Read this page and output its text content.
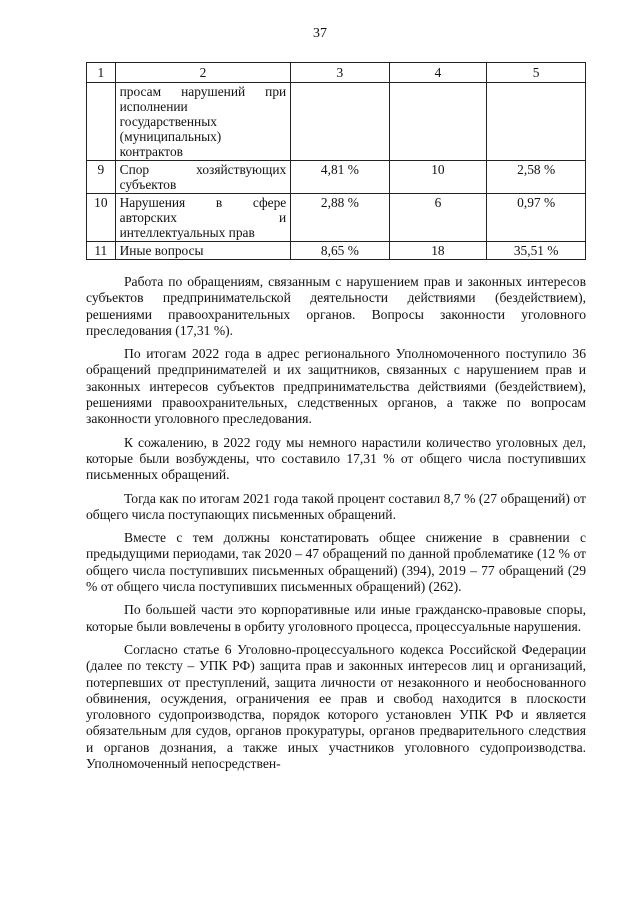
37
1	2	3	4	5
	просам нарушений при исполнении государственных (муниципальных) контрактов			
9	Спор хозяйствующих субъектов	4,81 %	10	2,58 %
10	Нарушения в сфере авторских и интеллектуальных прав	2,88 %	6	0,97 %
11	Иные вопросы	8,65 %	18	35,51 %

Работа по обращениям, связанным с нарушением прав и законных интересов субъектов предпринимательской деятельности действиями (бездействием), решениями правоохранительных органов. Вопросы законности уголовного преследования (17,31 %).

По итогам 2022 года в адрес регионального Уполномоченного поступило 36 обращений предпринимателей и их защитников, связанных с нарушением прав и законных интересов субъектов предпринимательства действиями (бездействием), решениями правоохранительных, следственных органов, а также по вопросам законности уголовного преследования.

К сожалению, в 2022 году мы немного нарастили количество уголовных дел, которые были возбуждены, что составило 17,31 % от общего числа поступивших письменных обращений.

Тогда как по итогам 2021 года такой процент составил 8,7 % (27 обращений) от общего числа поступающих письменных обращений.

Вместе с тем должны констатировать общее снижение в сравнении с предыдущими периодами, так 2020 – 47 обращений по данной проблематике (12 % от общего числа поступивших письменных обращений) (394), 2019 – 77 обращений (29 % от общего числа поступивших письменных обращений) (262).

По большей части это корпоративные или иные гражданско-правовые споры, которые были вовлечены в орбиту уголовного процесса, процессуальные нарушения.

Согласно статье 6 Уголовно-процессуального кодекса Российской Федерации (далее по тексту – УПК РФ) защита прав и законных интересов лиц и организаций, потерпевших от преступлений, защита личности от незаконного и необоснованного обвинения, осуждения, ограничения ее прав и свобод находится в плоскости уголовного судопроизводства, порядок которого установлен УПК РФ и является обязательным для судов, органов прокуратуры, органов предварительного следствия и органов дознания, а также иных участников уголовного судопроизводства. Уполномоченный непосредствен-
